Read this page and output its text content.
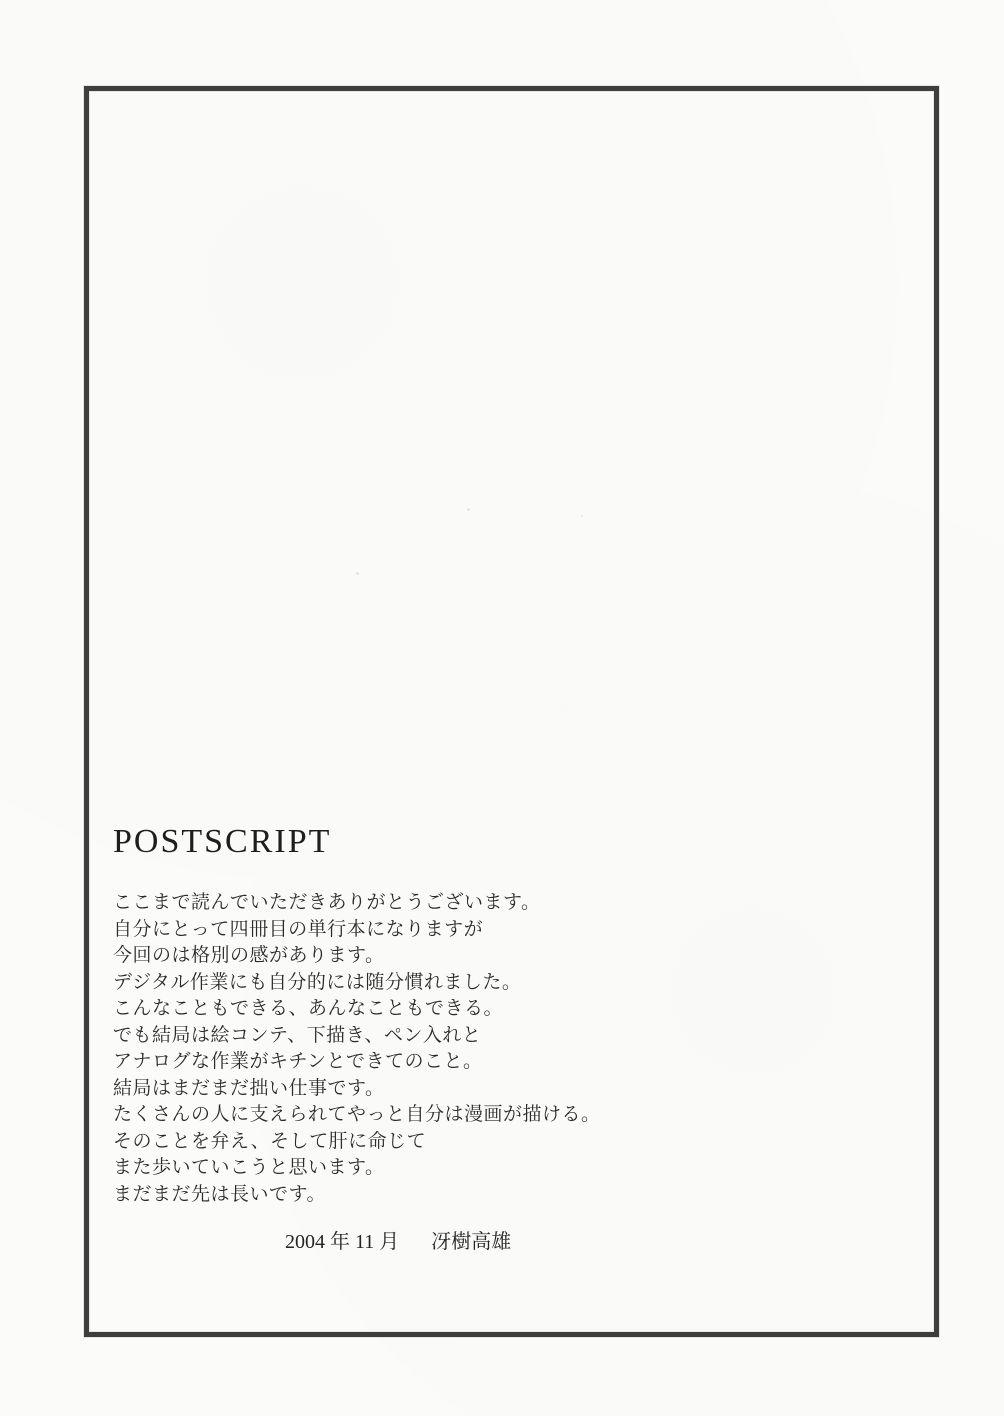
POSTSCRIPT
ここまで読んでいただきありがとうございます。
自分にとって四冊目の単行本になりますが
今回のは格別の感があります。
デジタル作業にも自分的には随分慣れました。
こんなこともできる、あんなこともできる。
でも結局は絵コンテ、下描き、ペン入れと
アナログな作業がキチンとできてのこと。
結局はまだまだ拙い仕事です。
たくさんの人に支えられてやっと自分は漫画が描ける。
そのことを弁え、そして肝に命じて
また歩いていこうと思います。
まだまだ先は長いです。
2004 年 11 月 冴樹高雄
